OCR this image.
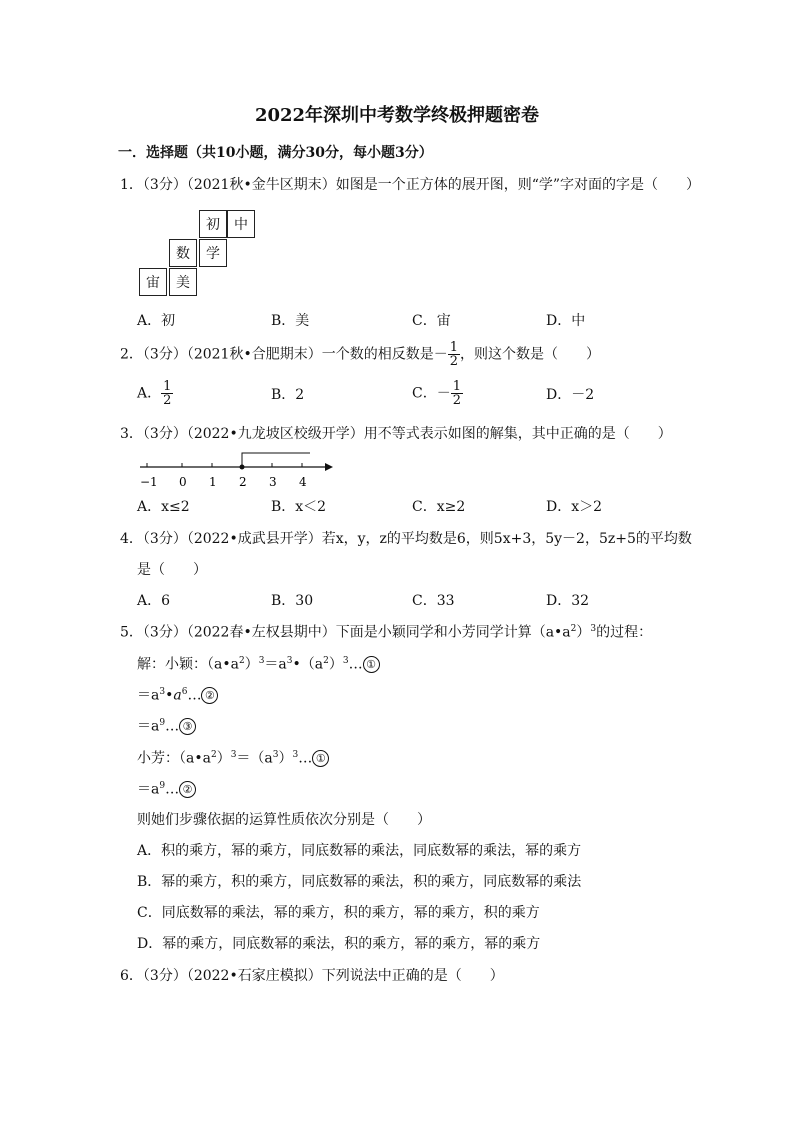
2022年深圳中考数学终极押题密卷
一．选择题（共10小题，满分30分，每小题3分）
1．（3分）（2021秋•金牛区期末）如图是一个正方体的展开图，则“学”字对面的字是（　　）
初	中
数	学
宙	美
A．初	B．美	C．宙	D．中
2．（3分）（2021秋•合肥期末）一个数的相反数是－ $\frac{1}{2}$ ，则这个数是（　　）
A． $\frac{1}{2}$	B．2	C．－ $\frac{1}{2}$	D．－2
3．（3分）（2022•九龙坡区校级开学）用不等式表示如图的解集，其中正确的是（　　）
−1 0 1 2 3 4
A．x≤2	B．x＜2	C．x≥2	D．x＞2
4．（3分）（2022•成武县开学）若x，y，z的平均数是6，则5x+3，5y－2，5z+5的平均数
是（　　）
A．6	B．30	C．33	D．32
5．（3分）（2022春•左权县期中）下面是小颖同学和小芳同学计算$(a•a^2)^3$的过程：
解：小颖：$(a•a^2)^3=a^3•(a^2)^3\dots$ ①
$=a^3•a^6\dots$ ②
$=a^9\dots$ ③
小芳：$(a•a^2)^3=(a^3)^3\dots$ ①
$=a^9\dots$ ②
则她们步骤依据的运算性质依次分别是（　　）
A．积的乘方，幂的乘方，同底数幂的乘法，同底数幂的乘法，幂的乘方
B．幂的乘方，积的乘方，同底数幂的乘法，积的乘方，同底数幂的乘法
C．同底数幂的乘法，幂的乘方，积的乘方，幂的乘方，积的乘方
D．幂的乘方，同底数幂的乘法，积的乘方，幂的乘方，幂的乘方
6．（3分）（2022•石家庄模拟）下列说法中正确的是（　　）
